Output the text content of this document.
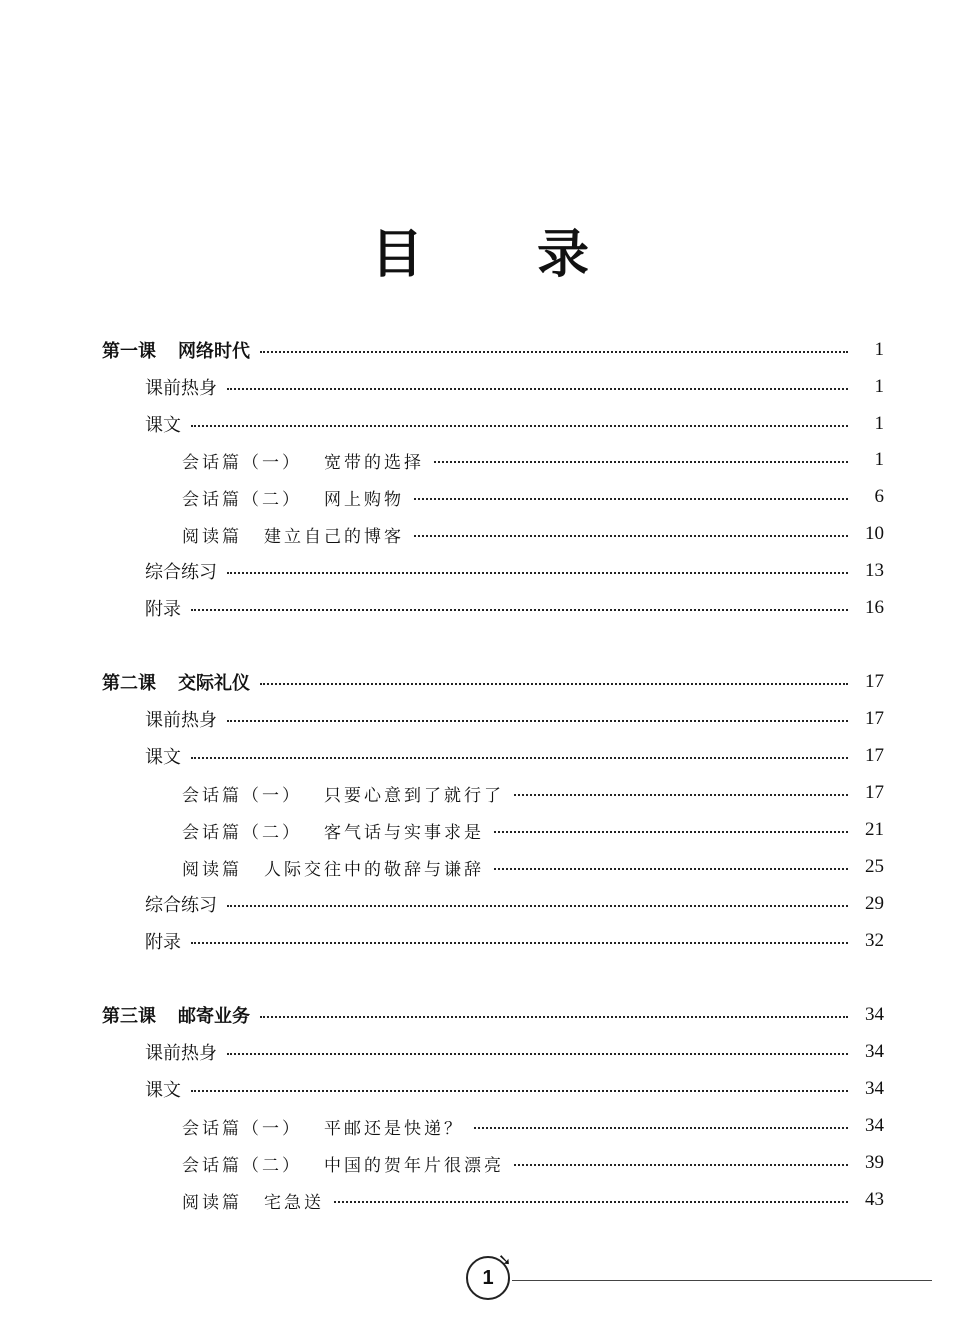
目 录
第一课 网络时代	1
课前热身	1
课文	1
会话篇（一） 宽带的选择	1
会话篇（二） 网上购物	6
阅读篇 建立自己的博客	10
综合练习	13
附录	16
第二课 交际礼仪	17
课前热身	17
课文	17
会话篇（一） 只要心意到了就行了	17
会话篇（二） 客气话与实事求是	21
阅读篇 人际交往中的敬辞与谦辞	25
综合练习	29
附录	32
第三课 邮寄业务	34
课前热身	34
课文	34
会话篇（一） 平邮还是快递？	34
会话篇（二） 中国的贺年片很漂亮	39
阅读篇 宅急送	43
1
➘
